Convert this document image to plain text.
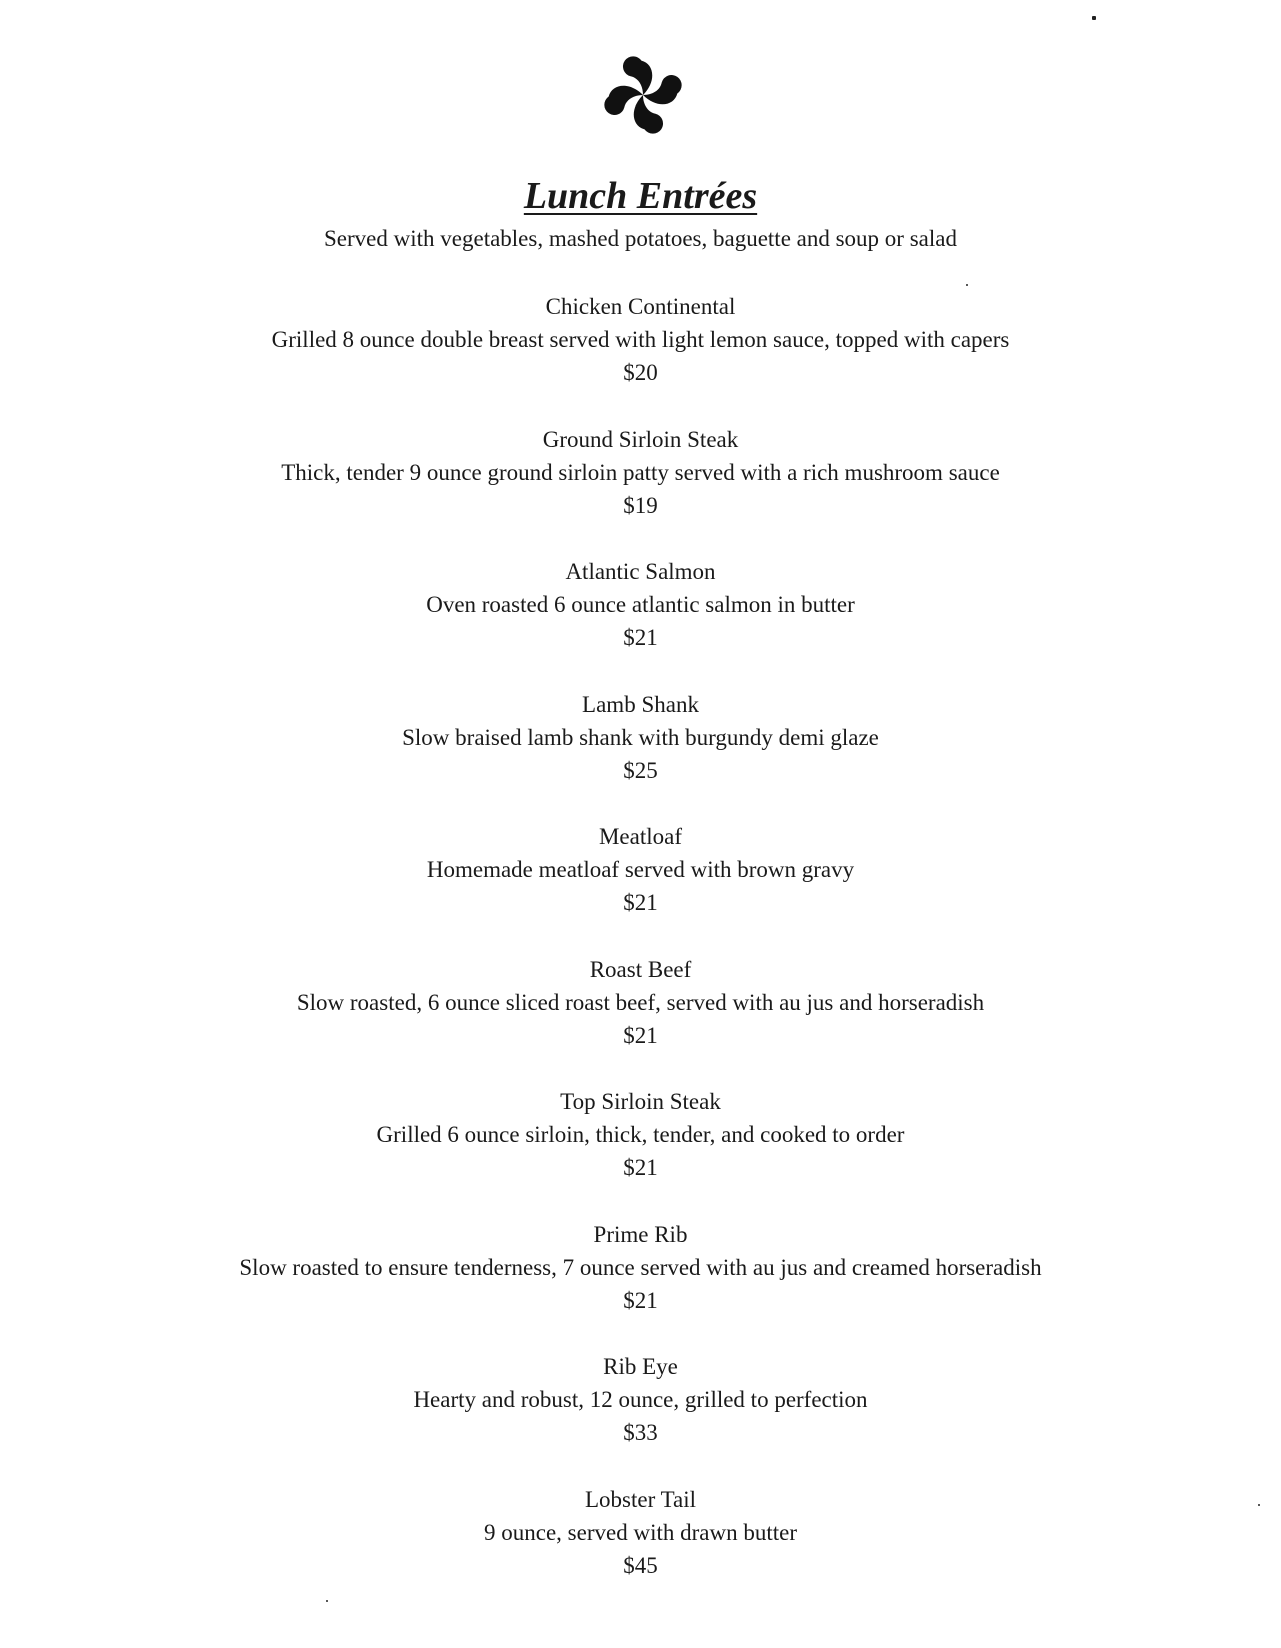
Lunch Entrées
Served with vegetables, mashed potatoes, baguette and soup or salad
Chicken Continental
Grilled 8 ounce double breast served with light lemon sauce, topped with capers
$20
Ground Sirloin Steak
Thick, tender 9 ounce ground sirloin patty served with a rich mushroom sauce
$19
Atlantic Salmon
Oven roasted 6 ounce atlantic salmon in butter
$21
Lamb Shank
Slow braised lamb shank with burgundy demi glaze
$25
Meatloaf
Homemade meatloaf served with brown gravy
$21
Roast Beef
Slow roasted, 6 ounce sliced roast beef, served with au jus and horseradish
$21
Top Sirloin Steak
Grilled 6 ounce sirloin, thick, tender, and cooked to order
$21
Prime Rib
Slow roasted to ensure tenderness, 7 ounce served with au jus and creamed horseradish
$21
Rib Eye
Hearty and robust, 12 ounce, grilled to perfection
$33
Lobster Tail
9 ounce, served with drawn butter
$45
